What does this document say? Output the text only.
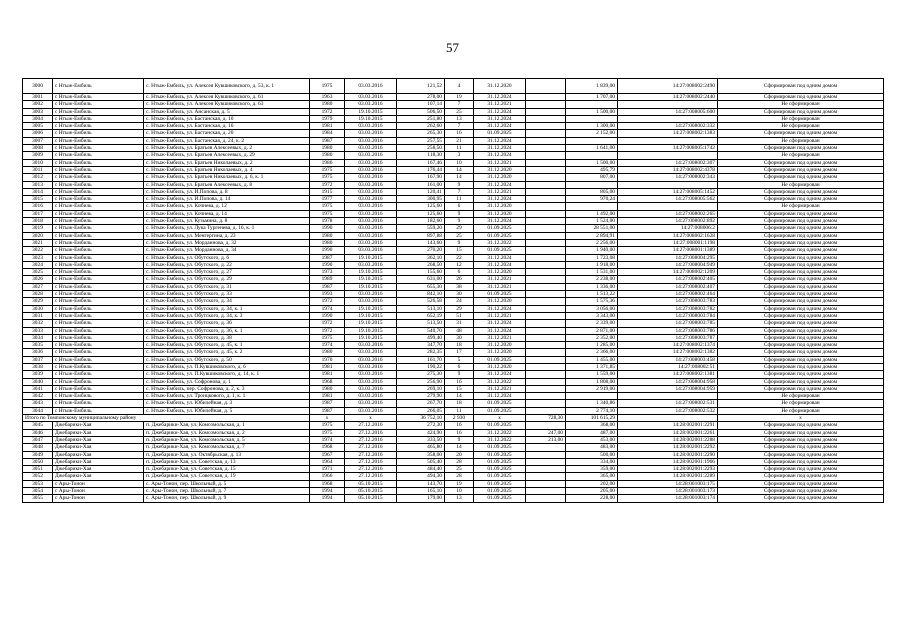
57
3000	с Нтыж-Ембиль	с. Нтыж-Ембиль, ул. Алексея Кувшиковского, д. 53, к. 1	1975	03.03.2016	121,52	4	31.12.2020		1 839,00	14:27:008002:2490	Сформирован под одним домом
3001	с Нтыж-Ембиль	с. Нтыж-Ембиль, ул. Алексея Кувшиковского, д. 61	1963	03.03.2016	278,00	19	31.12.2024		1 707,00	14:27:008002:2440	Сформирован под одним домом
3002	с Нтыж-Ембиль	с. Нтыж-Ембиль, ул. Алексея Кувшиковского, д. 63	1980	03.03.2016	107,14	7	31.12.2021				Не сформирован
3003	с Нтыж-Ембиль	с. Нтыж-Ембиль, ул. Ансанская, д. 5	1972	19.10.2015	506,50	25	31.12.2024		1 500,00	14:27:008005:600	Сформирован под одним домом
3004	с Нтыж-Ембиль	с. Нтыж-Ембиль, ул. Бастанская, д. 10	1979	19.10.2015	251,80	13	31.12.2024				Не сформирован
3005	с Нтыж-Ембиль	с. Нтыж-Ембиль, ул. Бастанская, д. 16	1981	03.03.2016	262,60	7	31.12.2024		1 300,00	14:27:008002:332	Не сформирован
3006	с Нтыж-Ембиль	с. Нтыж-Ембиль, ул. Бастанская, д. 20	1984	03.03.2016	265,30	16	01.09.2025		2 152,00	14:27:008002:1383	Сформирован под одним домом
3007	с Нтыж-Ембиль	с. Нтыж-Ембиль, ул. Бастанская, д. 24, к. 2	1987	03.03.2016	257,55	21	31.12.2024				Не сформирован
3008	с Нтыж-Ембиль	с. Нтыж-Ембиль, ул. Братьев Алексеевых, д. 2	1980	03.03.2016	258,50	11	31.12.2024		1 641,00	14:27:008005:1742	Сформирован под одним домом
3009	с Нтыж-Ембиль	с. Нтыж-Ембиль, ул. Братьев Алексеевых, д. 29	1980	03.03.2016	118,30	3	31.12.2024				Не сформирован
3010	с Нтыж-Ембиль	с. Нтыж-Ембиль, ул. Братьев Николаевых, д. 2	1986	03.03.2016	167,46	10	31.12.2021		1 500,00	14:27:008002:307	Сформирован под одним домом
3011	с Нтыж-Ембиль	с. Нтыж-Ембиль, ул. Братьев Николаевых, д. 4	1975	03.03.2016	176,44	14	31.12.2020		495,79	14:27:008002:4378	Сформирован под одним домом
3012	с Нтыж-Ембиль	с. Нтыж-Ембиль, ул. Братьев Николаевых, д. 6, к. 1	1975	03.03.2016	167,90	14	31.12.2020		807,00	14:27:008002:343	Сформирован под одним домом
3013	с Нтыж-Ембиль	с. Нтыж-Ембиль, ул. Братьев Алексеевых, д. 8	1972	03.03.2016	161,00	9	31.12.2024				Не сформирован
3014	с Нтыж-Ембиль	с. Нтыж-Ембиль, ул. И.Попова, д. 8	1915	03.03.2016	120,41	7	31.12.2021		805,00	14:27:008005:1452	Сформирован под одним домом
3015	с Нтыж-Ембиль	с. Нтыж-Ембиль, ул. И.Попова, д. 14	1977	03.03.2016	300,95	11	31.12.2024		970,24	14:27:008005:562	Сформирован под одним домом
3016	с Нтыж-Ембиль	с. Нтыж-Ембиль, ул. Кочнева, д. 12	1975	03.03.2016	125,60	6	31.12.2020				Не сформирован
3017	с Нтыж-Ембиль	с. Нтыж-Ембиль, ул. Кочнева, д. 14	1975	03.03.2016	125,60	9	31.12.2020		1 492,00	14:27:008002:265	Сформирован под одним домом
3018	с Нтыж-Ембиль	с. Нтыж-Ембиль, ул. Кузьмина, д. 8	1978	03.03.2016	182,60	9	31.12.2024		1 524,00	14:27:008002:892	Сформирован под одним домом
3019	с Нтыж-Ембиль	с. Нтыж-Ембиль, ул. Лука Тургенева, д. 16, к. 1	1990	03.03.2016	559,20	29	01.09.2025		28 551,00	14:27:008006:2	Сформирован под одним домом
3020	с Нтыж-Ембиль	с. Нтыж-Ембиль, ул. Менгергина, д. 23	1980	03.03.2016	897,88	25	01.09.2025		2 894,91	14:27:008002:1628	Сформирован под одним домом
3021	с Нтыж-Ембиль	с. Нтыж-Ембиль, ул. Морданнова, д. 32	1980	03.03.2016	143,60	9	31.12.2022		2 256,00	14:27:008001:1198	Сформирован под одним домом
3022	с Нтыж-Ембиль	с. Нтыж-Ембиль, ул. Морданнова, д. 34	1990	03.03.2016	270,20	15	01.09.2025		1 940,00	14:27:008001:1389	Сформирован под одним домом
3023	с Нтыж-Ембиль	с. Нтыж-Ембиль, ул. Обутского, д. 6	1987	19.10.2015	362,10	22	31.12.2024		1 723,08	14:27:008004:295	Сформирован под одним домом
3024	с Нтыж-Ембиль	с. Нтыж-Ембиль, ул. Обутского, д. 22	1990	03.03.2016	268,50	12	31.12.2024		1 918,00	14:27:008004:949	Сформирован под одним домом
3025	с Нтыж-Ембиль	с. Нтыж-Ембиль, ул. Обутского, д. 27	1973	19.10.2015	155,60	6	31.12.2020		1 531,00	14:27:008002:1209	Сформирован под одним домом
3026	с Нтыж-Ембиль	с. Нтыж-Ембиль, ул. Обутского, д. 29	1989	19.10.2015	631,00	26	31.12.2021		2 238,00	14:27:008002:405	Сформирован под одним домом
3027	с Нтыж-Ембиль	с. Нтыж-Ембиль, ул. Обутского, д. 31	1987	19.10.2015	655,30	38	31.12.2021		1 336,00	14:27:008002:407	Сформирован под одним домом
3028	с Нтыж-Ембиль	с. Нтыж-Ембиль, ул. Обутского, д. 33	1993	03.03.2016	842,10	30	01.09.2025		1 513,22	14:27:008002:464	Сформирован под одним домом
3029	с Нтыж-Ембиль	с. Нтыж-Ембиль, ул. Обутского, д. 34	1972	03.03.2016	526,58	24	31.12.2020		1 575,36	14:27:008003:783	Сформирован под одним домом
3030	с Нтыж-Ембиль	с. Нтыж-Ембиль, ул. Обутского, д. 34, к. 1	1974	19.10.2015	513,10	29	31.12.2024		3 056,00	14:27:008003:782	Сформирован под одним домом
3031	с Нтыж-Ембиль	с. Нтыж-Ембиль, ул. Обутского, д. 34, к. 3	1990	19.10.2015	652,19	51	31.12.2021		3 343,00	14:27:008003:784	Сформирован под одним домом
3032	с Нтыж-Ембиль	с. Нтыж-Ембиль, ул. Обутского, д. 36	1972	19.10.2015	513,50	31	31.12.2024		2 339,00	14:27:008003:785	Сформирован под одним домом
3033	с Нтыж-Ембиль	с. Нтыж-Ембиль, ул. Обутского, д. 36, к. 1	1972	19.10.2015	540,70	48	31.12.2024		2 871,00	14:27:008003:786	Сформирован под одним домом
3034	с Нтыж-Ембиль	с. Нтыж-Ембиль, ул. Обутского, д. 38	1975	19.10.2015	499,40	30	31.12.2021		2 352,00	14:27:008003:787	Сформирован под одним домом
3035	с Нтыж-Ембиль	с. Нтыж-Ембиль, ул. Обутского, д. 45, к. 1	1974	03.03.2016	347,70	18	31.12.2020		1 285,00	14:27:008002:1374	Сформирован под одним домом
3036	с Нтыж-Ембиль	с. Нтыж-Ембиль, ул. Обутского, д. 45, к. 2	1980	03.03.2016	282,35	17	31.12.2020		2 366,00	14:27:008002:1382	Сформирован под одним домом
3037	с Нтыж-Ембиль	с. Нтыж-Ембиль, ул. Обутского, д. 50	1970	03.03.2016	161,70	5	01.09.2025		1 455,00	14:27:008003:458	Сформирован под одним домом
3038	с Нтыж-Ембиль	с. Нтыж-Ембиль, ул. П.Кувшиковского, д. 6	1981	03.03.2016	190,22	6	31.12.2020		1 371,85	14:27:008002:51	Сформирован под одним домом
3039	с Нтыж-Ембиль	с. Нтыж-Ембиль, ул. П.Кувшиковского, д. 14, к. 1	1981	03.03.2016	275,30	9	31.12.2024		1 559,00	14:27:008002:1381	Сформирован под одним домом
3040	с Нтыж-Ембиль	с. Нтыж-Ембиль, ул. Софронова, д. 1	1968	03.03.2016	256,90	16	31.12.2022		1 808,00	14:27:008004:958	Сформирован под одним домом
3041	с Нтыж-Ембиль	с. Нтыж-Ембиль, пер. Софронова, д. 2, к. 3	1980	03.03.2016	269,10	15	31.12.2021		2 919,00	14:27:008004:959	Сформирован под одним домом
3042	с Нтыж-Ембиль	с. Нтыж-Ембиль, ул. Троицкового, д. 1, к. 1	1981	03.03.2016	279,90	14	31.12.2024				Не сформирован
3043	с Нтыж-Ембиль	с. Нтыж-Ембиль, ул. Юбилейная, д. 3	1987	03.03.2016	267,70	18	01.09.2025		1 340,86	14:27:008002:531	Не сформирован
3044	с Нтыж-Ембиль	с. Нтыж-Ембиль, ул. Юбилейная, д. 5	1987	03.03.2016	266,05	11	01.09.2025		2 774,10	14:27:008002:532	Не сформирован
Итого по Томпонскому муниципальному району			х	х	36 752,10	2 930	х	728,30	101 615,29		х
3045	Джебарики-Хая	п. Джебарики-Хая, ул. Комсомольская, д. 1	1975	27.12.2016	272,30	16	01.09.2025		368,00	14:28:002001:2291	Сформирован под одним домом
3046	Джебарики-Хая	п. Джебарики-Хая, ул. Комсомольская, д. 2	1975	27.12.2016	424,90	16	31.12.2022	247,00	487,00	14:28:002001:2261	Сформирован под одним домом
3047	Джебарики-Хая	п. Джебарики-Хая, ул. Комсомольская, д. 5	1974	27.12.2016	333,50	9	31.12.2022	213,00	453,00	14:28:002001:2288	Сформирован под одним домом
3048	Джебарики-Хая	п. Джебарики-Хая, ул. Комсомольская, д. 7	1968	27.12.2016	465,80	14	01.09.2025		483,00	14:28:002001:2292	Сформирован под одним домом
3049	Джебарики-Хая	п. Джебарики-Хая, ул. Октябрьская, д. 13	1967	27.12.2016	358,00	20	01.09.2025		500,00	14:28:002001:2290	Сформирован под одним домом
3050	Джебарики-Хая	п. Джебарики-Хая, ул. Советская, д. 13	1964	27.12.2016	505,40	28	01.09.2025		334,00	14:28:002001:1966	Сформирован под одним домом
3051	Джебарики-Хая	п. Джебарики-Хая, ул. Советская, д. 15	1971	27.12.2016	484,40	25	01.09.2025		359,00	14:28:002001:2293	Сформирован под одним домом
3052	Джебарики-Хая	п. Джебарики-Хая, ул. Советская, д. 19	1966	27.12.2016	494,30	28	01.09.2025		365,00	14:28:002001:2289	Сформирован под одним домом
3053	с Ары-Тонон	с. Ары-Тонон, пер. Школьный, д. 5	1968	05.10.2015	143,70	19	01.09.2025		202,00	14:28:001003:175	Сформирован под одним домом
3054	с Ары-Тонон	с. Ары-Тонон, пер. Школьный, д. 7	1994	05.10.2015	165,10	10	01.09.2025		205,00	14:28:001003:173	Сформирован под одним домом
3055	с Ары-Тонон	с. Ары-Тонон, пер. Школьный, д. 9	1994	05.10.2015	179,00	13	01.09.2025		228,00	14:28:001003:174	Сформирован под одним домом
